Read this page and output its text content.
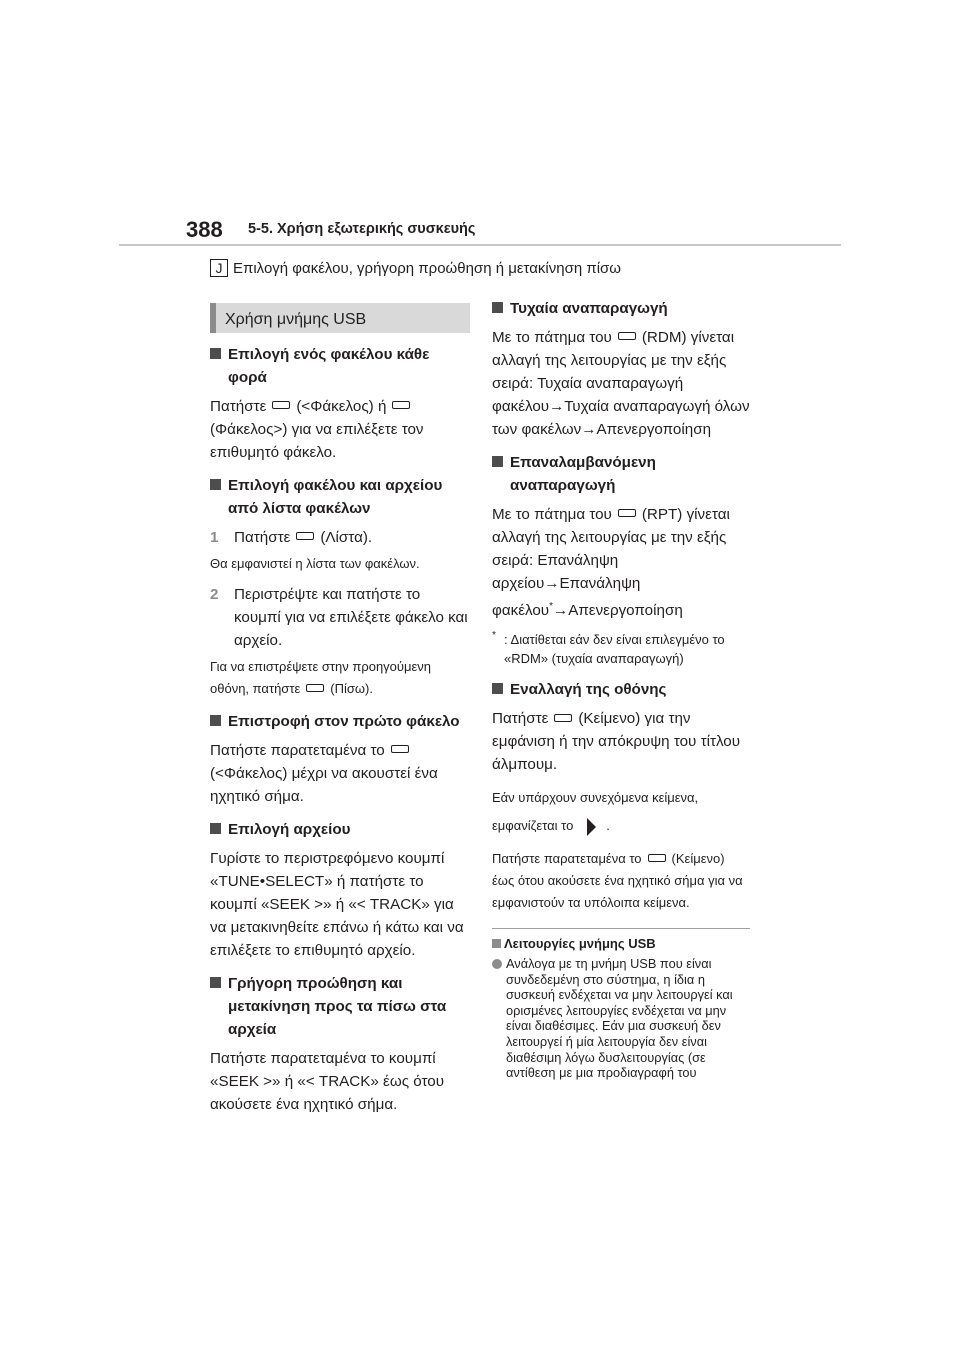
388 5-5. Χρήση εξωτερικής συσκευής
J Επιλογή φακέλου, γρήγορη προώθηση ή μετακίνηση πίσω
Χρήση μνήμης USB
Επιλογή ενός φακέλου κάθε φορά
Πατήστε (<Φάκελος) ή (Φάκελος>) για να επιλέξετε τον επιθυμητό φάκελο.
Επιλογή φακέλου και αρχείου από λίστα φακέλων
1 Πατήστε (Λίστα).
Θα εμφανιστεί η λίστα των φακέλων.
2 Περιστρέψτε και πατήστε το κουμπί για να επιλέξετε φάκελο και αρχείο.
Για να επιστρέψετε στην προηγούμενη οθόνη, πατήστε (Πίσω).
Επιστροφή στον πρώτο φάκελο
Πατήστε παρατεταμένα το (<Φάκελος) μέχρι να ακουστεί ένα ηχητικό σήμα.
Επιλογή αρχείου
Γυρίστε το περιστρεφόμενο κουμπί «TUNE•SELECT» ή πατήστε το κουμπί «SEEK >» ή «< TRACK» για να μετακινηθείτε επάνω ή κάτω και να επιλέξετε το επιθυμητό αρχείο.
Γρήγορη προώθηση και μετακίνηση προς τα πίσω στα αρχεία
Πατήστε παρατεταμένα το κουμπί «SEEK >» ή «< TRACK» έως ότου ακούσετε ένα ηχητικό σήμα.
Τυχαία αναπαραγωγή
Με το πάτημα του (RDM) γίνεται αλλαγή της λειτουργίας με την εξής σειρά: Τυχαία αναπαραγωγή φακέλου→Τυχαία αναπαραγωγή όλων των φακέλων→Απενεργοποίηση
Επαναλαμβανόμενη αναπαραγωγή
Με το πάτημα του (RPT) γίνεται αλλαγή της λειτουργίας με την εξής σειρά: Επανάληψη αρχείου→Επανάληψη φακέλου*→Απενεργοποίηση
* : Διατίθεται εάν δεν είναι επιλεγμένο το «RDM» (τυχαία αναπαραγωγή)
Εναλλαγή της οθόνης
Πατήστε (Κείμενο) για την εμφάνιση ή την απόκρυψη του τίτλου άλμπουμ.
Εάν υπάρχουν συνεχόμενα κείμενα, εμφανίζεται το	.
Πατήστε παρατεταμένα το (Κείμενο) έως ότου ακούσετε ένα ηχητικό σήμα για να εμφανιστούν τα υπόλοιπα κείμενα.
Λειτουργίες μνήμης USB
Ανάλογα με τη μνήμη USB που είναι συνδεδεμένη στο σύστημα, η ίδια η συσκευή ενδέχεται να μην λειτουργεί και ορισμένες λειτουργίες ενδέχεται να μην είναι διαθέσιμες. Εάν μια συσκευή δεν λειτουργεί ή μία λειτουργία δεν είναι διαθέσιμη λόγω δυσλειτουργίας (σε αντίθεση με μια προδιαγραφή του
